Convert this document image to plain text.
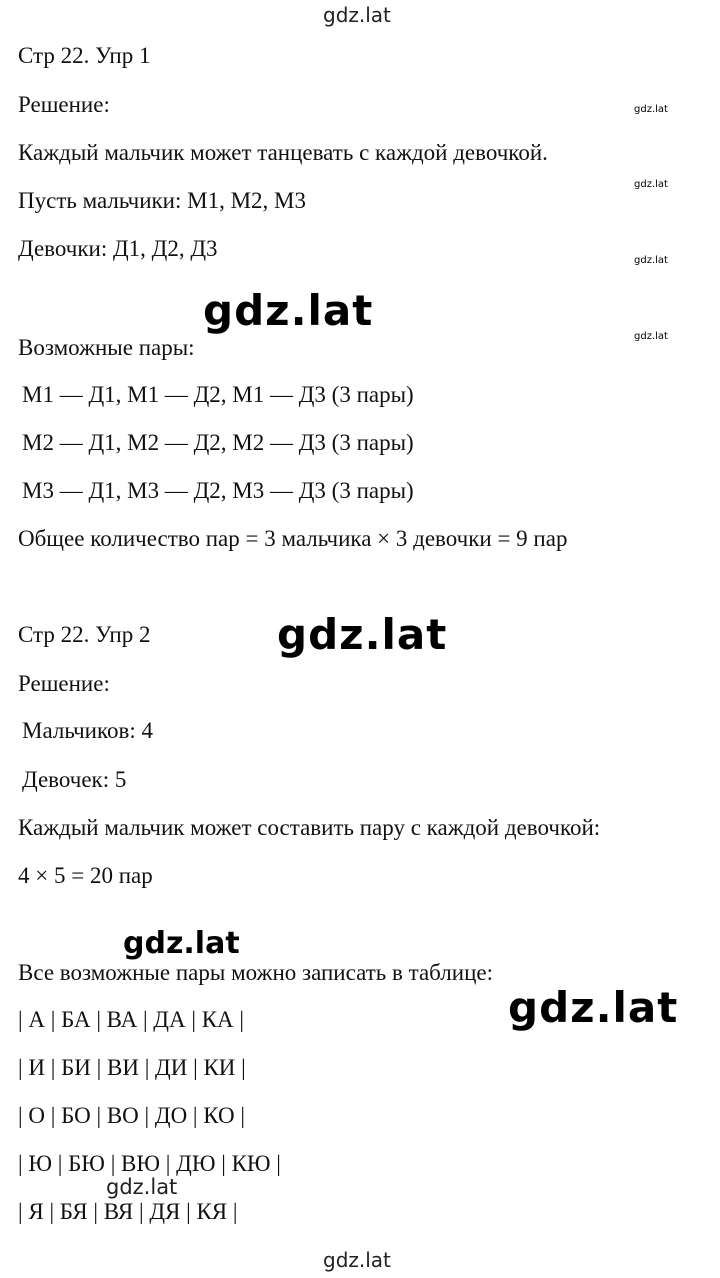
gdz.lat

Стр 22. Упр 1

Решение:

Каждый мальчик может танцевать с каждой девочкой.

Пусть мальчики: М1, М2, М3

Девочки: Д1, Д2, Д3

Возможные пары:

М1 — Д1, М1 — Д2, М1 — Д3 (3 пары)

М2 — Д1, М2 — Д2, М2 — Д3 (3 пары)

М3 — Д1, М3 — Д2, М3 — Д3 (3 пары)

Общее количество пар = 3 мальчика × 3 девочки = 9 пар

Стр 22. Упр 2

Решение:

Мальчиков: 4

Девочек: 5

Каждый мальчик может составить пару с каждой девочкой:

4 × 5 = 20 пар

Все возможные пары можно записать в таблице:

| А | БА | ВА | ДА | КА |

| И | БИ | ВИ | ДИ | КИ |

| О | БО | ВО | ДО | КО |

| Ю | БЮ | ВЮ | ДЮ | КЮ |

| Я | БЯ | ВЯ | ДЯ | КЯ |

gdz.lat
gdz.lat
gdz.lat
gdz.lat
gdz.lat
gdz.lat
gdz.lat
gdz.lat
gdz.lat
gdz.lat
